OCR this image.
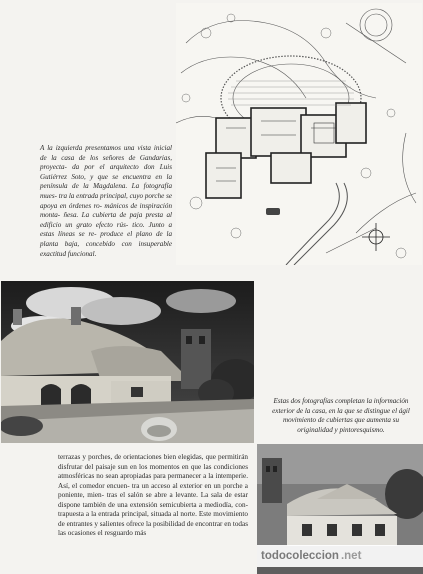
A la izquierda presentamos una vista inicial de la casa de los señores de Gandarias, proyecta- da por el arquitecto don Luis Gutiérrez Soto, y que se encuentra en la península de la Magdalena. La fotografía mues- tra la entrada principal, cuyo porche se apoya en órdenes ro- mánicos de inspiración monta- ñesa. La cubierta de paja presta al edificio un grato efecto rús- tico. Junto a estas líneas se re- produce el plano de la planta baja, concebido con insuperable exactitud funcional.

Estas dos fotografías completan la información exterior de la casa, en la que se distingue el ágil movimiento de cubiertas que aumenta su originalidad y pintoresquismo.

terrazas y porches, de orientaciones bien elegidas, que permitirán disfrutar del paisaje sun en los momentos en que las condiciones atmosféricas no sean apropiadas para permanecer a la intemperie. Así, el comedor encuen- tra un acceso al exterior en un porche a poniente, mien- tras el salón se abre a levante. La sala de estar dispone también de una extensión semicubierta a mediodía, con- trapuesta a la entrada principal, situada al norte. Este movimiento de entrantes y salientes ofrece la posibilidad de encontrar en todas las ocasiones el resguardo más

todocoleccion .net
